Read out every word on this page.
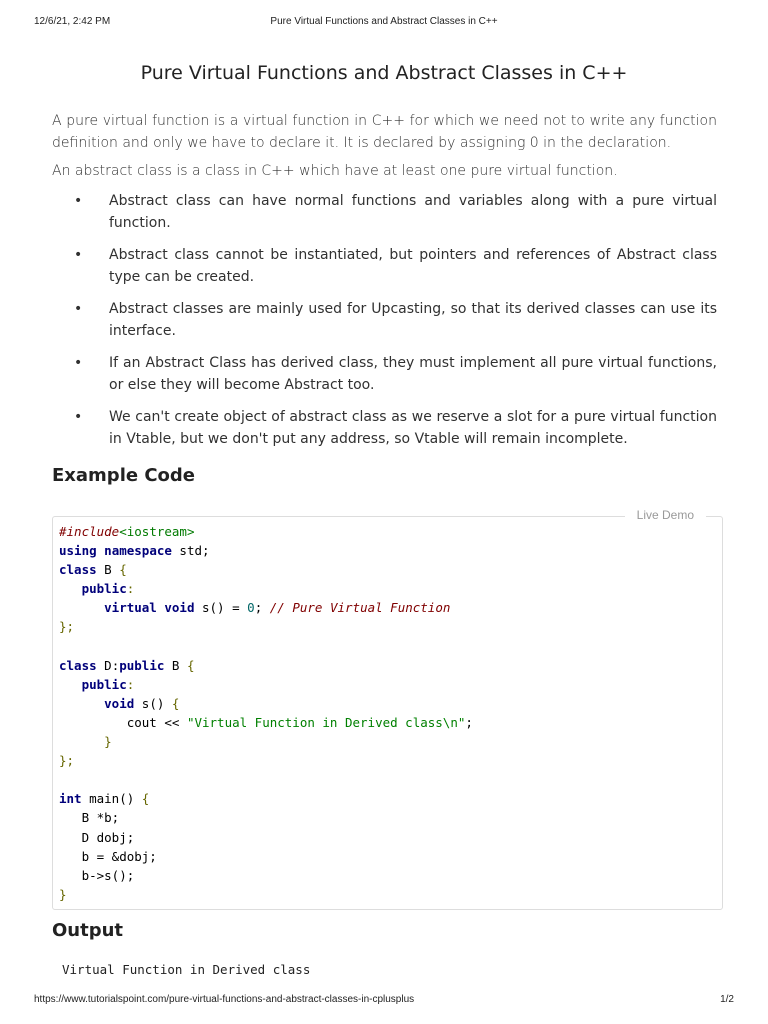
12/6/21, 2:42 PM	Pure Virtual Functions and Abstract Classes in C++
Pure Virtual Functions and Abstract Classes in C++
A pure virtual function is a virtual function in C++ for which we need not to write any function definition and only we have to declare it. It is declared by assigning 0 in the declaration.
An abstract class is a class in C++ which have at least one pure virtual function.
• Abstract class can have normal functions and variables along with a pure virtual function.
• Abstract class cannot be instantiated, but pointers and references of Abstract class type can be created.
• Abstract classes are mainly used for Upcasting, so that its derived classes can use its interface.
• If an Abstract Class has derived class, they must implement all pure virtual functions, or else they will become Abstract too.
• We can't create object of abstract class as we reserve a slot for a pure virtual function in Vtable, but we don't put any address, so Vtable will remain incomplete.
Example Code
Live Demo
#include<iostream>
using namespace std;
class B {
public:
virtual void s() = 0; // Pure Virtual Function
};

class D:public B {
public:
void s() {
cout << "Virtual Function in Derived class\n";
}
};

int main() {
B *b;
D dobj;
b = &dobj;
b->s();
}
Output
Virtual Function in Derived class
https://www.tutorialspoint.com/pure-virtual-functions-and-abstract-classes-in-cplusplus	1/2
